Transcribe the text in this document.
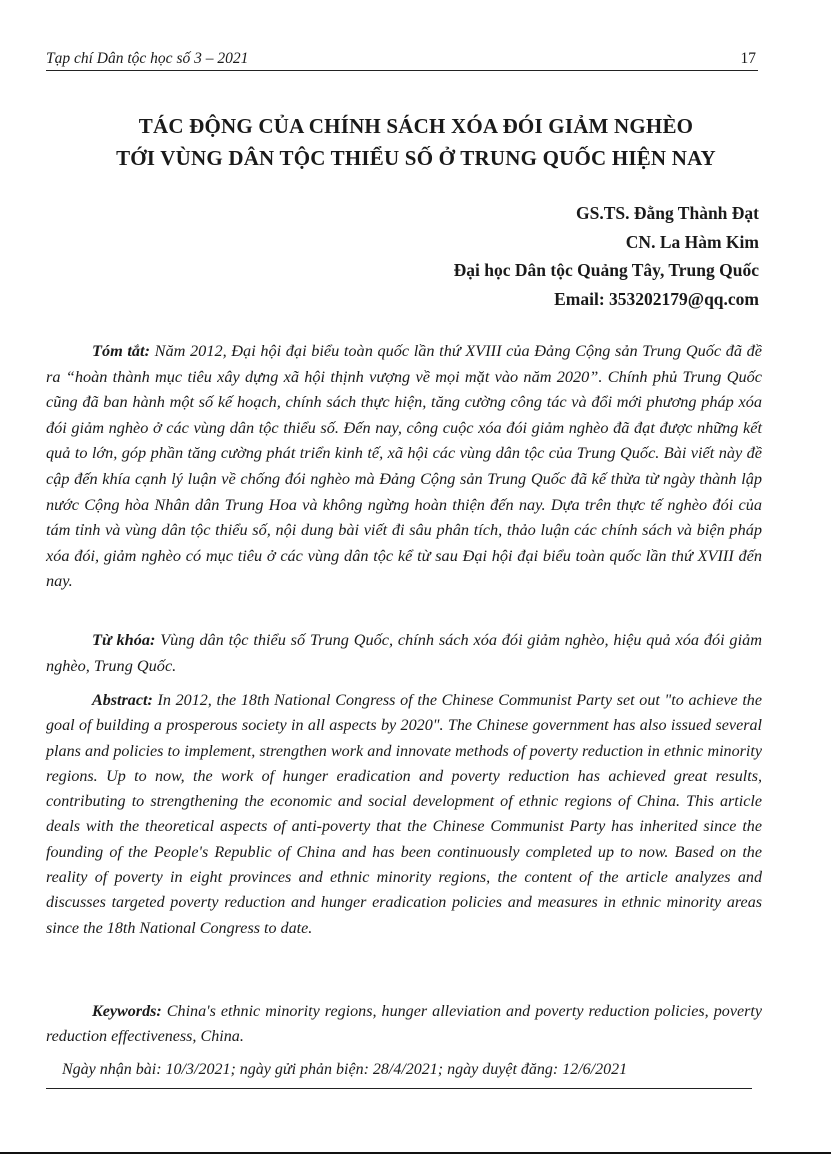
Tạp chí Dân tộc học số 3 – 2021	17
TÁC ĐỘNG CỦA CHÍNH SÁCH XÓA ĐÓI GIẢM NGHÈO
TỚI VÙNG DÂN TỘC THIỂU SỐ Ở TRUNG QUỐC HIỆN NAY
GS.TS. Đằng Thành Đạt
CN. La Hàm Kim
Đại học Dân tộc Quảng Tây, Trung Quốc
Email: 353202179@qq.com
Tóm tắt: Năm 2012, Đại hội đại biểu toàn quốc lần thứ XVIII của Đảng Cộng sản Trung Quốc đã đề ra “hoàn thành mục tiêu xây dựng xã hội thịnh vượng về mọi mặt vào năm 2020”. Chính phủ Trung Quốc cũng đã ban hành một số kế hoạch, chính sách thực hiện, tăng cường công tác và đổi mới phương pháp xóa đói giảm nghèo ở các vùng dân tộc thiểu số. Đến nay, công cuộc xóa đói giảm nghèo đã đạt được những kết quả to lớn, góp phần tăng cường phát triển kinh tế, xã hội các vùng dân tộc của Trung Quốc. Bài viết này đề cập đến khía cạnh lý luận về chống đói nghèo mà Đảng Cộng sản Trung Quốc đã kế thừa từ ngày thành lập nước Cộng hòa Nhân dân Trung Hoa và không ngừng hoàn thiện đến nay. Dựa trên thực tế nghèo đói của tám tỉnh và vùng dân tộc thiểu số, nội dung bài viết đi sâu phân tích, thảo luận các chính sách và biện pháp xóa đói, giảm nghèo có mục tiêu ở các vùng dân tộc kể từ sau Đại hội đại biểu toàn quốc lần thứ XVIII đến nay.
Từ khóa: Vùng dân tộc thiểu số Trung Quốc, chính sách xóa đói giảm nghèo, hiệu quả xóa đói giảm nghèo, Trung Quốc.
Abstract: In 2012, the 18th National Congress of the Chinese Communist Party set out "to achieve the goal of building a prosperous society in all aspects by 2020". The Chinese government has also issued several plans and policies to implement, strengthen work and innovate methods of poverty reduction in ethnic minority regions. Up to now, the work of hunger eradication and poverty reduction has achieved great results, contributing to strengthening the economic and social development of ethnic regions of China. This article deals with the theoretical aspects of anti-poverty that the Chinese Communist Party has inherited since the founding of the People's Republic of China and has been continuously completed up to now. Based on the reality of poverty in eight provinces and ethnic minority regions, the content of the article analyzes and discusses targeted poverty reduction and hunger eradication policies and measures in ethnic minority areas since the 18th National Congress to date.
Keywords: China's ethnic minority regions, hunger alleviation and poverty reduction policies, poverty reduction effectiveness, China.
Ngày nhận bài: 10/3/2021; ngày gửi phản biện: 28/4/2021; ngày duyệt đăng: 12/6/2021
